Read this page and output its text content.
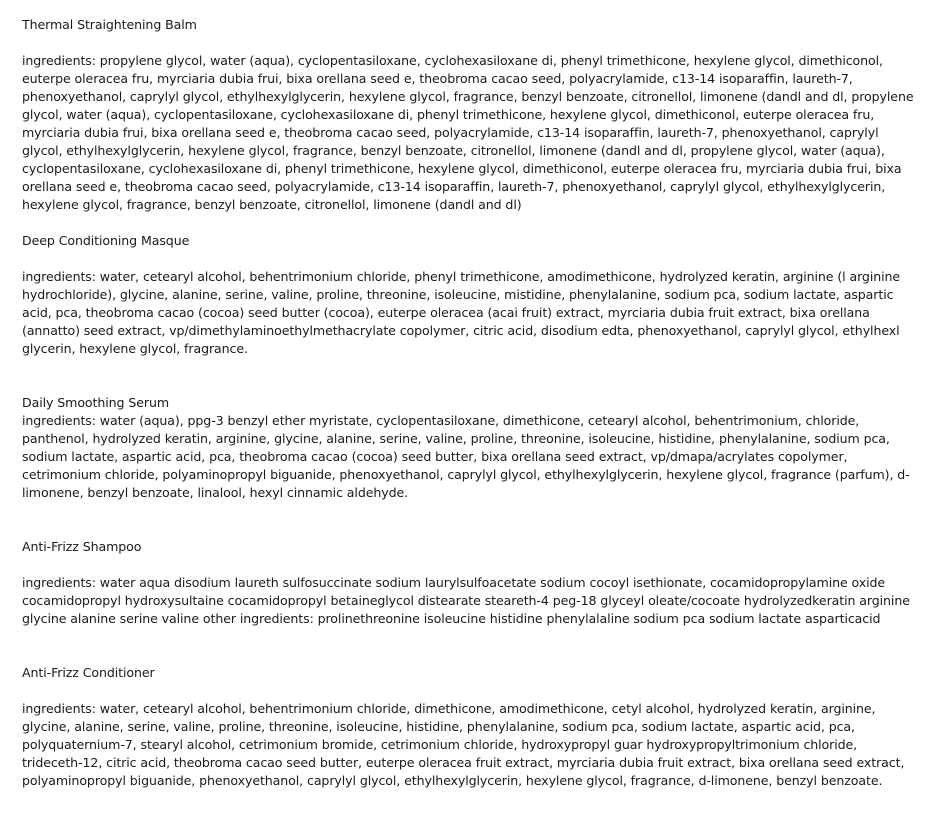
Thermal Straightening Balm

ingredients: propylene glycol, water (aqua), cyclopentasiloxane, cyclohexasiloxane di, phenyl trimethicone, hexylene glycol, dimethiconol, euterpe oleracea fru, myrciaria dubia frui, bixa orellana seed e, theobroma cacao seed, polyacrylamide, c13-14 isoparaffin, laureth-7, phenoxyethanol, caprylyl glycol, ethylhexylglycerin, hexylene glycol, fragrance, benzyl benzoate, citronellol, limonene (dandl and dl, propylene glycol, water (aqua), cyclopentasiloxane, cyclohexasiloxane di, phenyl trimethicone, hexylene glycol, dimethiconol, euterpe oleracea fru, myrciaria dubia frui, bixa orellana seed e, theobroma cacao seed, polyacrylamide, c13-14 isoparaffin, laureth-7, phenoxyethanol, caprylyl glycol, ethylhexylglycerin, hexylene glycol, fragrance, benzyl benzoate, citronellol, limonene (dandl and dl, propylene glycol, water (aqua), cyclopentasiloxane, cyclohexasiloxane di, phenyl trimethicone, hexylene glycol, dimethiconol, euterpe oleracea fru, myrciaria dubia frui, bixa orellana seed e, theobroma cacao seed, polyacrylamide, c13-14 isoparaffin, laureth-7, phenoxyethanol, caprylyl glycol, ethylhexylglycerin, hexylene glycol, fragrance, benzyl benzoate, citronellol, limonene (dandl and dl)

Deep Conditioning Masque

ingredients: water, cetearyl alcohol, behentrimonium chloride, phenyl trimethicone, amodimethicone, hydrolyzed keratin, arginine (l arginine hydrochloride), glycine, alanine, serine, valine, proline, threonine, isoleucine, mistidine, phenylalanine, sodium pca, sodium lactate, aspartic acid, pca, theobroma cacao (cocoa) seed butter (cocoa), euterpe oleracea (acai fruit) extract, myrciaria dubia fruit extract, bixa orellana (annatto) seed extract, vp/dimethylaminoethylmethacrylate copolymer, citric acid, disodium edta, phenoxyethanol, caprylyl glycol, ethylhexl glycerin, hexylene glycol, fragrance.

Daily Smoothing Serum

ingredients: water (aqua), ppg-3 benzyl ether myristate, cyclopentasiloxane, dimethicone, cetearyl alcohol, behentrimonium, chloride, panthenol, hydrolyzed keratin, arginine, glycine, alanine, serine, valine, proline, threonine, isoleucine, histidine, phenylalanine, sodium pca, sodium lactate, aspartic acid, pca, theobroma cacao (cocoa) seed butter, bixa orellana seed extract, vp/dmapa/acrylates copolymer, cetrimonium chloride, polyaminopropyl biguanide, phenoxyethanol, caprylyl glycol, ethylhexylglycerin, hexylene glycol, fragrance (parfum), d-limonene, benzyl benzoate, linalool, hexyl cinnamic aldehyde.

Anti-Frizz Shampoo

ingredients: water aqua disodium laureth sulfosuccinate sodium laurylsulfoacetate sodium cocoyl isethionate, cocamidopropylamine oxide cocamidopropyl hydroxysultaine cocamidopropyl betaineglycol distearate steareth-4 peg-18 glyceyl oleate/cocoate hydrolyzedkeratin arginine glycine alanine serine valine other ingredients: prolinethreonine isoleucine histidine phenylalaline sodium pca sodium lactate asparticacid

Anti-Frizz Conditioner

ingredients: water, cetearyl alcohol, behentrimonium chloride, dimethicone, amodimethicone, cetyl alcohol, hydrolyzed keratin, arginine, glycine, alanine, serine, valine, proline, threonine, isoleucine, histidine, phenylalanine, sodium pca, sodium lactate, aspartic acid, pca, polyquaternium-7, stearyl alcohol, cetrimonium bromide, cetrimonium chloride, hydroxypropyl guar hydroxypropyltrimonium chloride, trideceth-12, citric acid, theobroma cacao seed butter, euterpe oleracea fruit extract, myrciaria dubia fruit extract, bixa orellana seed extract, polyaminopropyl biguanide, phenoxyethanol, caprylyl glycol, ethylhexylglycerin, hexylene glycol, fragrance, d-limonene, benzyl benzoate.
